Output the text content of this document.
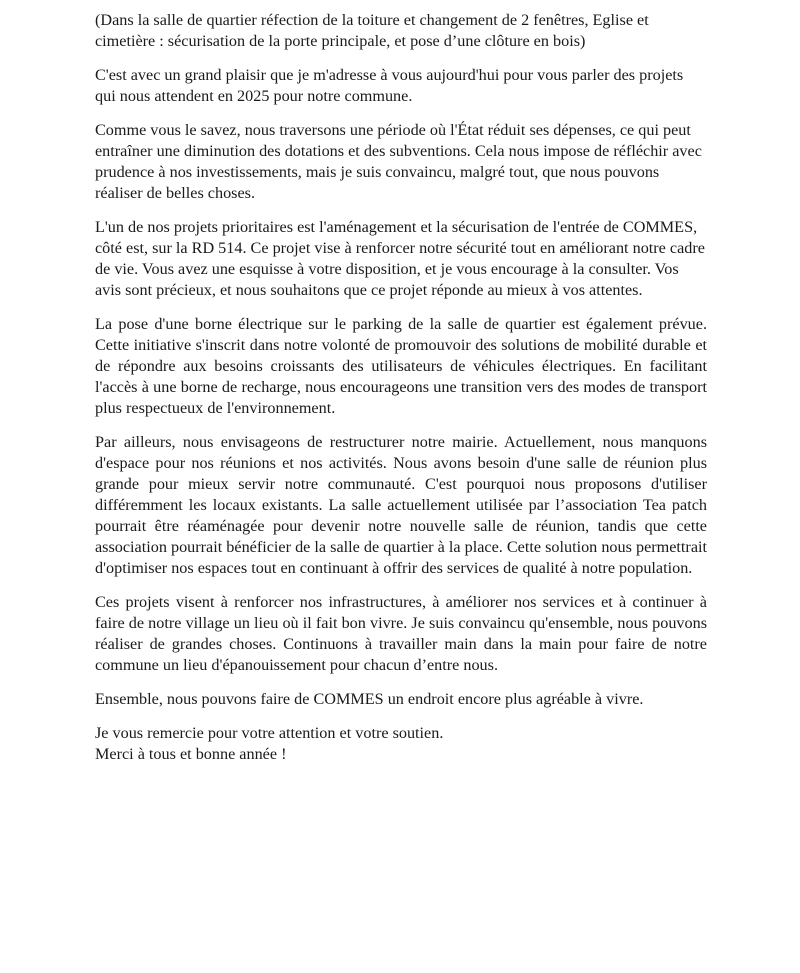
(Dans la salle de quartier réfection de la toiture et changement de 2 fenêtres, Eglise et cimetière : sécurisation de la porte principale, et pose d’une clôture en bois)

C'est avec un grand plaisir que je m'adresse à vous aujourd'hui pour vous parler des projets qui nous attendent en 2025 pour notre commune.

Comme vous le savez, nous traversons une période où l'État réduit ses dépenses, ce qui peut entraîner une diminution des dotations et des subventions. Cela nous impose de réfléchir avec prudence à nos investissements, mais je suis convaincu, malgré tout, que nous pouvons réaliser de belles choses.

L'un de nos projets prioritaires est l'aménagement et la sécurisation de l'entrée de COMMES, côté est, sur la RD 514. Ce projet vise à renforcer notre sécurité tout en améliorant notre cadre de vie. Vous avez une esquisse à votre disposition, et je vous encourage à la consulter. Vos avis sont précieux, et nous souhaitons que ce projet réponde au mieux à vos attentes.

La pose d'une borne électrique sur le parking de la salle de quartier est également prévue. Cette initiative s'inscrit dans notre volonté de promouvoir des solutions de mobilité durable et de répondre aux besoins croissants des utilisateurs de véhicules électriques. En facilitant l'accès à une borne de recharge, nous encourageons une transition vers des modes de transport plus respectueux de l'environnement.

Par ailleurs, nous envisageons de restructurer notre mairie. Actuellement, nous manquons d'espace pour nos réunions et nos activités. Nous avons besoin d'une salle de réunion plus grande pour mieux servir notre communauté. C'est pourquoi nous proposons d'utiliser différemment les locaux existants. La salle actuellement utilisée par l’association Tea patch pourrait être réaménagée pour devenir notre nouvelle salle de réunion, tandis que cette association pourrait bénéficier de la salle de quartier à la place. Cette solution nous permettrait d'optimiser nos espaces tout en continuant à offrir des services de qualité à notre population.

Ces projets visent à renforcer nos infrastructures, à améliorer nos services et à continuer à faire de notre village un lieu où il fait bon vivre. Je suis convaincu qu'ensemble, nous pouvons réaliser de grandes choses. Continuons à travailler main dans la main pour faire de notre commune un lieu d'épanouissement pour chacun d’entre nous.

Ensemble, nous pouvons faire de COMMES un endroit encore plus agréable à vivre.

Je vous remercie pour votre attention et votre soutien.
Merci à tous et bonne année !
